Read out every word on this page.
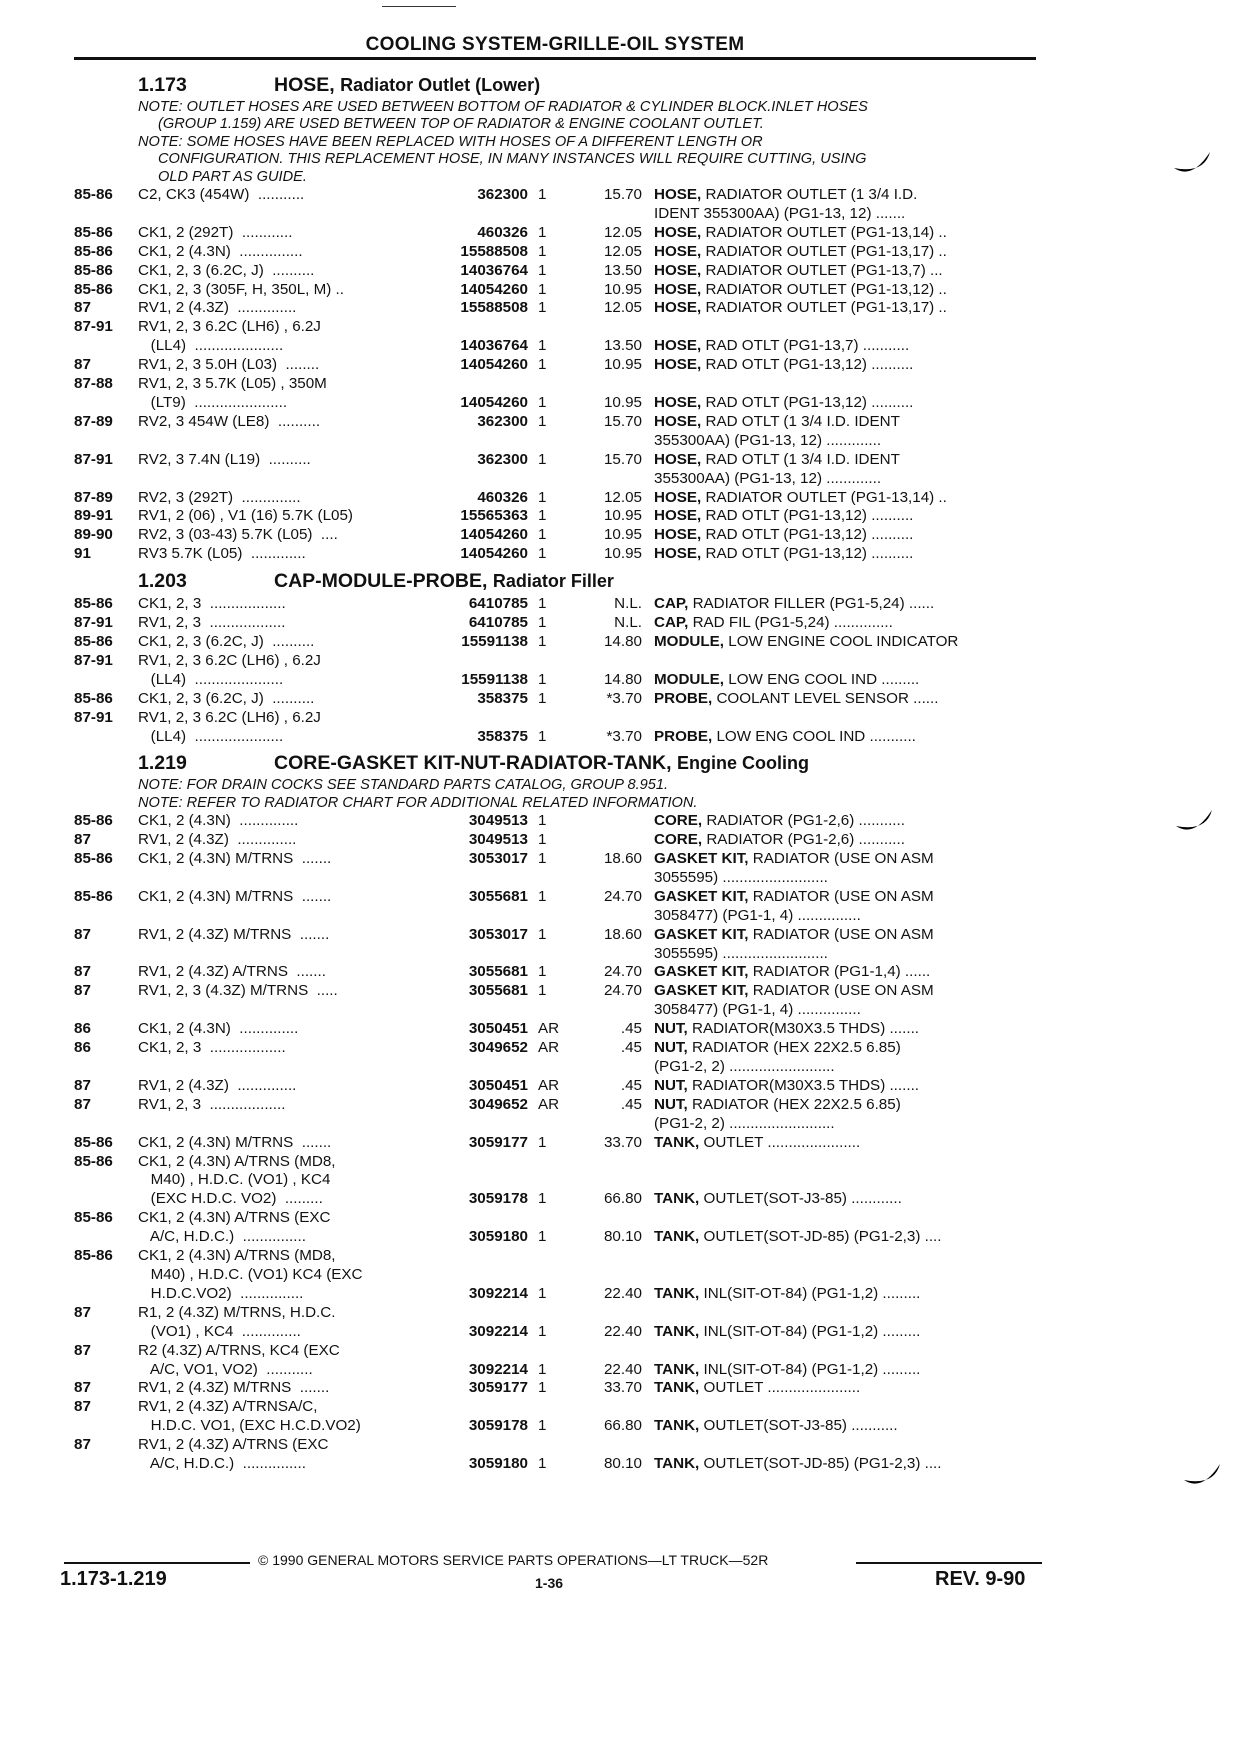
COOLING SYSTEM-GRILLE-OIL SYSTEM
1.173	HOSE, Radiator Outlet (Lower)
NOTE: OUTLET HOSES ARE USED BETWEEN BOTTOM OF RADIATOR & CYLINDER BLOCK.INLET HOSES

(GROUP 1.159) ARE USED BETWEEN TOP OF RADIATOR & ENGINE COOLANT OUTLET.
NOTE: SOME HOSES HAVE BEEN REPLACED WITH HOSES OF A DIFFERENT LENGTH OR

CONFIGURATION. THIS REPLACEMENT HOSE, IN MANY INSTANCES WILL REQUIRE CUTTING, USING
OLD PART AS GUIDE.
85-86	C2, CK3 (454W)  ...........	362300 1	15.70 HOSE, RADIATOR OUTLET (1 3/4 I.D.
IDENT 355300AA) (PG1-13, 12) .......
85-86	CK1, 2 (292T)  ............	460326 1	12.05 HOSE, RADIATOR OUTLET (PG1-13,14) ..
85-86	CK1, 2 (4.3N)  ...............	15588508 1	12.05 HOSE, RADIATOR OUTLET (PG1-13,17) ..
85-86	CK1, 2, 3 (6.2C, J)  ..........	14036764 1	13.50 HOSE, RADIATOR OUTLET (PG1-13,7) ...
85-86	CK1, 2, 3 (305F, H, 350L, M) ..	14054260 1	10.95 HOSE, RADIATOR OUTLET (PG1-13,12) ..
87	RV1, 2 (4.3Z)  ..............	15588508 1	12.05 HOSE, RADIATOR OUTLET (PG1-13,17) ..
87-91	RV1, 2, 3 6.2C (LH6) , 6.2J
(LL4)  .....................	14036764 1	13.50 HOSE, RAD OTLT (PG1-13,7) ...........
87	RV1, 2, 3 5.0H (L03)  ........	14054260 1	10.95 HOSE, RAD OTLT (PG1-13,12) ..........
87-88	RV1, 2, 3 5.7K (L05) , 350M
(LT9)  ......................	14054260 1	10.95 HOSE, RAD OTLT (PG1-13,12) ..........
87-89	RV2, 3 454W (LE8)  ..........	362300 1	15.70 HOSE, RAD OTLT (1 3/4 I.D. IDENT
355300AA) (PG1-13, 12) .............
87-91	RV2, 3 7.4N (L19)  ..........	362300 1	15.70 HOSE, RAD OTLT (1 3/4 I.D. IDENT
355300AA) (PG1-13, 12) .............
87-89	RV2, 3 (292T)  ..............	460326 1	12.05 HOSE, RADIATOR OUTLET (PG1-13,14) ..
89-91	RV1, 2 (06) , V1 (16) 5.7K (L05)	15565363 1	10.95 HOSE, RAD OTLT (PG1-13,12) ..........
89-90	RV2, 3 (03-43) 5.7K (L05)  ....	14054260 1	10.95 HOSE, RAD OTLT (PG1-13,12) ..........
91	RV3 5.7K (L05)  .............	14054260 1	10.95 HOSE, RAD OTLT (PG1-13,12) ..........
1.203	CAP-MODULE-PROBE, Radiator Filler
85-86	CK1, 2, 3  ..................	6410785 1	N.L. CAP, RADIATOR FILLER (PG1-5,24) ......
87-91	RV1, 2, 3  ..................	6410785 1	N.L. CAP, RAD FIL (PG1-5,24) ..............
85-86	CK1, 2, 3 (6.2C, J)  ..........	15591138 1	14.80 MODULE, LOW ENGINE COOL INDICATOR
87-91	RV1, 2, 3 6.2C (LH6) , 6.2J
(LL4)  .....................	15591138 1	14.80 MODULE, LOW ENG COOL IND .........
85-86	CK1, 2, 3 (6.2C, J)  ..........	358375 1	*3.70 PROBE, COOLANT LEVEL SENSOR ......
87-91	RV1, 2, 3 6.2C (LH6) , 6.2J
(LL4)  .....................	358375 1	*3.70 PROBE, LOW ENG COOL IND ...........
1.219	CORE-GASKET KIT-NUT-RADIATOR-TANK, Engine Cooling
NOTE: FOR DRAIN COCKS SEE STANDARD PARTS CATALOG, GROUP 8.951.
NOTE: REFER TO RADIATOR CHART FOR ADDITIONAL RELATED INFORMATION.
85-86	CK1, 2 (4.3N)  ..............	3049513 1	CORE, RADIATOR (PG1-2,6) ...........
87	RV1, 2 (4.3Z)  ..............	3049513 1	CORE, RADIATOR (PG1-2,6) ...........
85-86	CK1, 2 (4.3N) M/TRNS  .......	3053017 1	18.60 GASKET KIT, RADIATOR (USE ON ASM
3055595) .........................
85-86	CK1, 2 (4.3N) M/TRNS  .......	3055681 1	24.70 GASKET KIT, RADIATOR (USE ON ASM
3058477) (PG1-1, 4) ...............
87	RV1, 2 (4.3Z) M/TRNS  .......	3053017 1	18.60 GASKET KIT, RADIATOR (USE ON ASM
3055595) .........................
87	RV1, 2 (4.3Z) A/TRNS  .......	3055681 1	24.70 GASKET KIT, RADIATOR (PG1-1,4) ......
87	RV1, 2, 3 (4.3Z) M/TRNS  .....	3055681 1	24.70 GASKET KIT, RADIATOR (USE ON ASM
3058477) (PG1-1, 4) ...............
86	CK1, 2 (4.3N)  ..............	3050451 AR	.45 NUT, RADIATOR(M30X3.5 THDS) .......
86	CK1, 2, 3  ..................	3049652 AR	.45 NUT, RADIATOR (HEX 22X2.5 6.85)
(PG1-2, 2) .........................
87	RV1, 2 (4.3Z)  ..............	3050451 AR	.45 NUT, RADIATOR(M30X3.5 THDS) .......
87	RV1, 2, 3  ..................	3049652 AR	.45 NUT, RADIATOR (HEX 22X2.5 6.85)
(PG1-2, 2) .........................
85-86	CK1, 2 (4.3N) M/TRNS  .......	3059177 1	33.70 TANK, OUTLET ......................
85-86	CK1, 2 (4.3N) A/TRNS (MD8,
M40) , H.D.C. (VO1) , KC4
(EXC H.D.C. VO2)  .........	3059178 1	66.80 TANK, OUTLET(SOT-J3-85) ............
85-86	CK1, 2 (4.3N) A/TRNS (EXC
A/C, H.D.C.)  ...............	3059180 1	80.10 TANK, OUTLET(SOT-JD-85) (PG1-2,3) ....
85-86	CK1, 2 (4.3N) A/TRNS (MD8,
M40) , H.D.C. (VO1) KC4 (EXC
H.D.C.VO2)  ...............	3092214 1	22.40 TANK, INL(SIT-OT-84) (PG1-1,2) .........
87	R1, 2 (4.3Z) M/TRNS, H.D.C.
(VO1) , KC4  ..............	3092214 1	22.40 TANK, INL(SIT-OT-84) (PG1-1,2) .........
87	R2 (4.3Z) A/TRNS, KC4 (EXC
A/C, VO1, VO2)  ...........	3092214 1	22.40 TANK, INL(SIT-OT-84) (PG1-1,2) .........
87	RV1, 2 (4.3Z) M/TRNS  .......	3059177 1	33.70 TANK, OUTLET ......................
87	RV1, 2 (4.3Z) A/TRNSA/C,
H.D.C. VO1, (EXC H.C.D.VO2)	3059178 1	66.80 TANK, OUTLET(SOT-J3-85) ...........
87	RV1, 2 (4.3Z) A/TRNS (EXC
A/C, H.D.C.)  ...............	3059180 1	80.10 TANK, OUTLET(SOT-JD-85) (PG1-2,3) ....
© 1990 GENERAL MOTORS SERVICE PARTS OPERATIONS—LT TRUCK—52R
1.173-1.219	1-36	REV. 9-90
